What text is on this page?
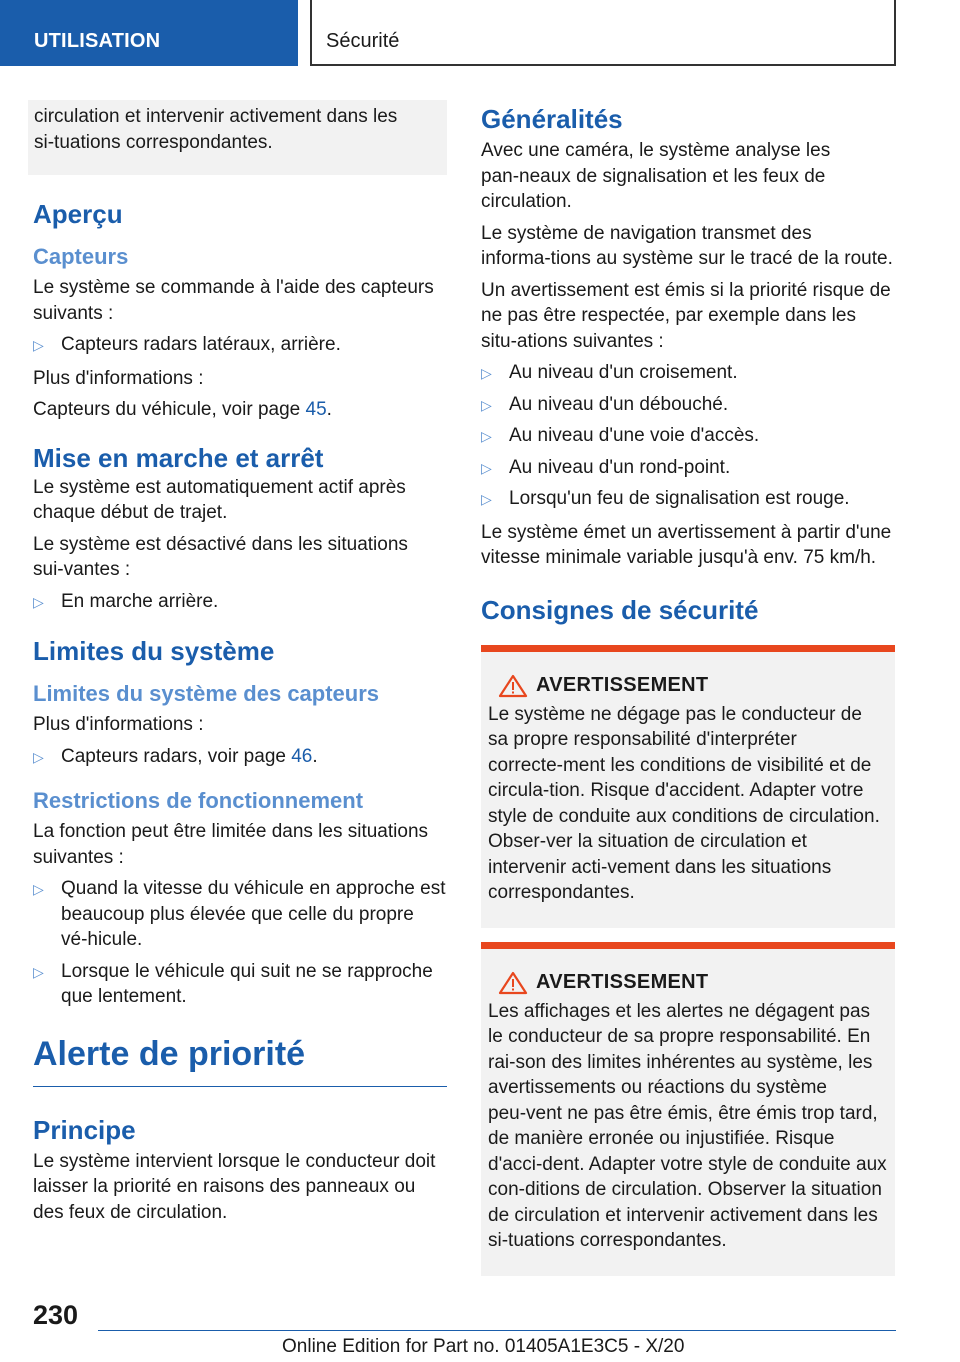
UTILISATION	Sécurité

circulation et intervenir activement dans les si‑tuations correspondantes.

Aperçu
Capteurs

Le système se commande à l'aide des capteurs suivants :

▷ Capteurs radars latéraux, arrière.

Plus d'informations :

Capteurs du véhicule, voir page 45.

Mise en marche et arrêt

Le système est automatiquement actif après chaque début de trajet.

Le système est désactivé dans les situations sui‑vantes :

▷ En marche arrière.
Limites du système
Limites du système des capteurs

Plus d'informations :

▷ Capteurs radars, voir page 46.
Restrictions de fonctionnement

La fonction peut être limitée dans les situations suivantes :

▷ Quand la vitesse du véhicule en approche est beaucoup plus élevée que celle du propre vé‑hicule.
▷ Lorsque le véhicule qui suit ne se rapproche que lentement.
Alerte de priorité
Principe

Le système intervient lorsque le conducteur doit laisser la priorité en raisons des panneaux ou des feux de circulation.

Généralités

Avec une caméra, le système analyse les pan‑neaux de signalisation et les feux de circulation.

Le système de navigation transmet des informa‑tions au système sur le tracé de la route.

Un avertissement est émis si la priorité risque de ne pas être respectée, par exemple dans les situ‑ations suivantes :

▷ Au niveau d'un croisement.
▷ Au niveau d'un débouché.
▷ Au niveau d'une voie d'accès.
▷ Au niveau d'un rond-point.
▷ Lorsqu'un feu de signalisation est rouge.

Le système émet un avertissement à partir d'une vitesse minimale variable jusqu'à env. 75 km/h.

Consignes de sécurité
AVERTISSEMENT

Le système ne dégage pas le conducteur de sa propre responsabilité d'interpréter correcte‑ment les conditions de visibilité et de circula‑tion. Risque d'accident. Adapter votre style de conduite aux conditions de circulation. Obser‑ver la situation de circulation et intervenir acti‑vement dans les situations correspondantes.

AVERTISSEMENT

Les affichages et les alertes ne dégagent pas le conducteur de sa propre responsabilité. En rai‑son des limites inhérentes au système, les avertissements ou réactions du système peu‑vent ne pas être émis, être émis trop tard, de manière erronée ou injustifiée. Risque d'acci‑dent. Adapter votre style de conduite aux con‑ditions de circulation. Observer la situation de circulation et intervenir activement dans les si‑tuations correspondantes.

230
Online Edition for Part no. 01405A1E3C5 - X/20
